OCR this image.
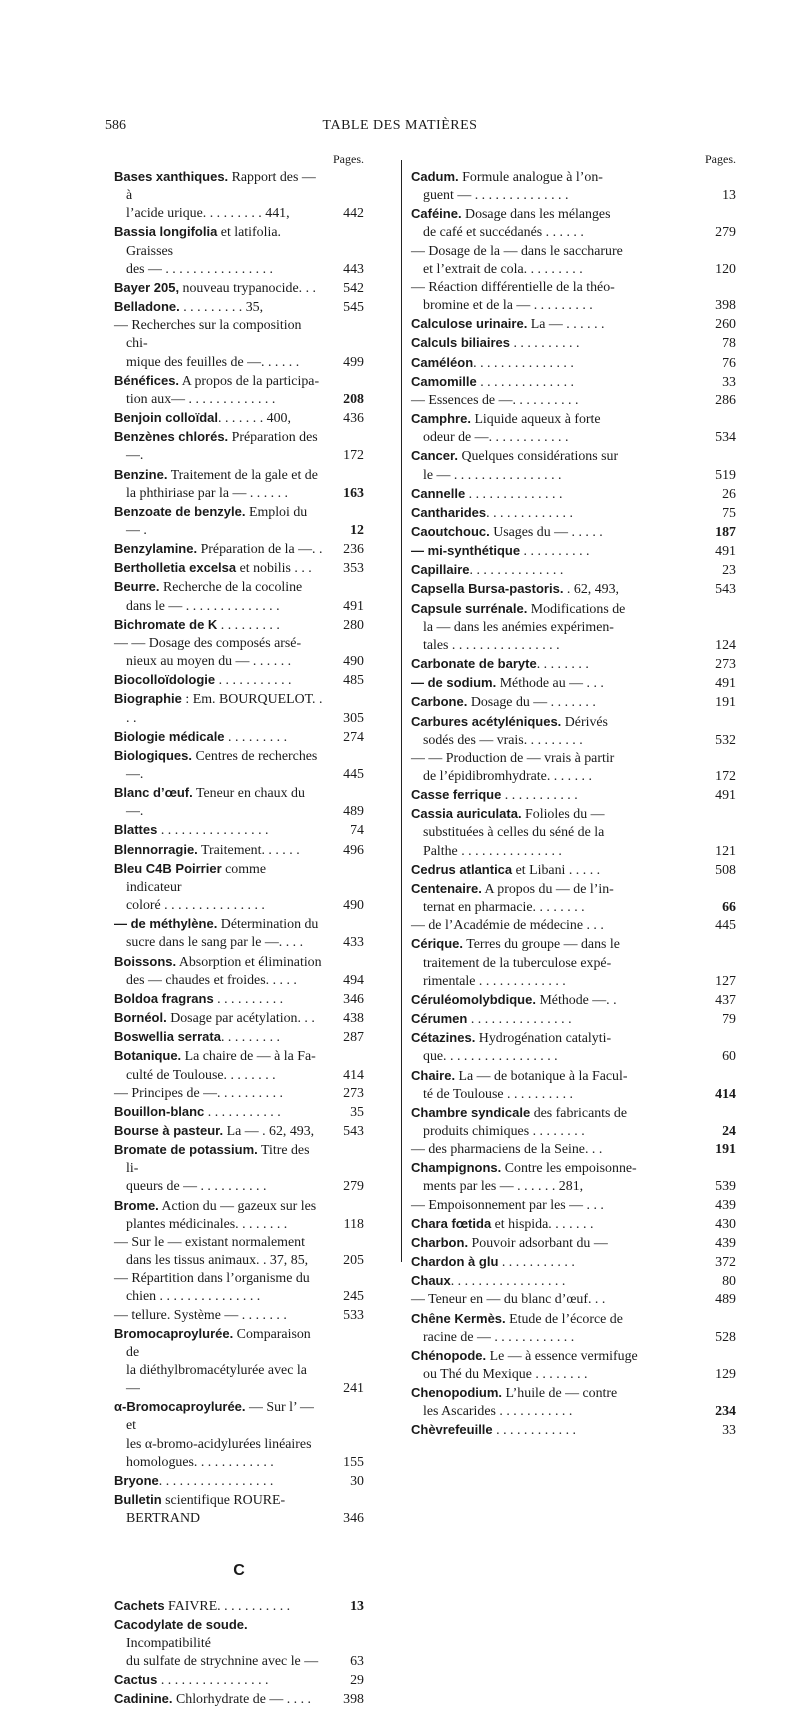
586	TABLE DES MATIÈRES
Pages.
Bases xanthiques. Rapport des — à
l’acide urique. . . . . . . . . 441,	442
Bassia longifolia et latifolia. Graisses
des — . . . . . . . . . . . . . . . .	443
Bayer 205, nouveau trypanocide. . .	542
Belladone. . . . . . . . . . 35,	545
— Recherches sur la composition chi-
mique des feuilles de —. . . . . .	499
Bénéfices. A propos de la participa-
tion aux— . . . . . . . . . . . . .	208
Benjoin colloïdal. . . . . . . 400,	436
Benzènes chlorés. Préparation des—.	172
Benzine. Traitement de la gale et de
la phthiriase par la — . . . . . .	163
Benzoate de benzyle. Emploi du — .	12
Benzylamine. Préparation de la —. .	236
Bertholletia excelsa et nobilis . . .	353
Beurre. Recherche de la cocoline
dans le — . . . . . . . . . . . . . .	491
Bichromate de K . . . . . . . . .	280
— — Dosage des composés arsé-
nieux au moyen du — . . . . . .	490
Biocolloïdologie . . . . . . . . . . .	485
Biographie : Em. BOURQUELOT. . . .	305
Biologie médicale . . . . . . . . .	274
Biologiques. Centres de recherches—.	445
Blanc d’œuf. Teneur en chaux du —.	489
Blattes . . . . . . . . . . . . . . . .	74
Blennorragie. Traitement. . . . . .	496
Bleu C4B Poirrier comme indicateur
coloré . . . . . . . . . . . . . . .	490
— de méthylène. Détermination du
sucre dans le sang par le —. . . .	433
Boissons. Absorption et élimination
des — chaudes et froides. . . . .	494
Boldoa fragrans . . . . . . . . . .	346
Bornéol. Dosage par acétylation. . .	438
Boswellia serrata. . . . . . . . .	287
Botanique. La chaire de — à la Fa-
culté de Toulouse. . . . . . . .	414
— Principes de —. . . . . . . . . .	273
Bouillon-blanc . . . . . . . . . . .	35
Bourse à pasteur. La — . 62, 493,	543
Bromate de potassium. Titre des li-
queurs de — . . . . . . . . . .	279
Brome. Action du — gazeux sur les
plantes médicinales. . . . . . . .	118
— Sur le — existant normalement
dans les tissus animaux. . 37, 85,	205
— Répartition dans l’organisme du
chien . . . . . . . . . . . . . . .	245
— tellure. Système — . . . . . . .	533
Bromocaproylurée. Comparaison de
la diéthylbromacétylurée avec la —	241
α-Bromocaproylurée. — Sur l’ — et
les α-bromo-acidylurées linéaires
homologues. . . . . . . . . . . .	155
Bryone. . . . . . . . . . . . . . . . .	30
Bulletin scientifique ROURE-BERTRAND	346
C
Cachets FAIVRE. . . . . . . . . . .	13
Cacodylate de soude. Incompatibilité
du sulfate de strychnine avec le —	63
Cactus . . . . . . . . . . . . . . . .	29
Cadinine. Chlorhydrate de — . . . .	398
Pages.
Cadum. Formule analogue à l’on-
guent — . . . . . . . . . . . . . .	13
Caféine. Dosage dans les mélanges
de café et succédanés . . . . . .	279
— Dosage de la — dans le saccharure
et l’extrait de cola. . . . . . . . .	120
— Réaction différentielle de la théo-
bromine et de la — . . . . . . . . .	398
Calculose urinaire. La — . . . . . .	260
Calculs biliaires . . . . . . . . . .	78
Caméléon. . . . . . . . . . . . . . .	76
Camomille . . . . . . . . . . . . . .	33
— Essences de —. . . . . . . . . .	286
Camphre. Liquide aqueux à forte
odeur de —. . . . . . . . . . . .	534
Cancer. Quelques considérations sur
le — . . . . . . . . . . . . . . . .	519
Cannelle . . . . . . . . . . . . . .	26
Cantharides. . . . . . . . . . . . .	75
Caoutchouc. Usages du — . . . . .	187
— mi-synthétique . . . . . . . . . .	491
Capillaire. . . . . . . . . . . . . .	23
Capsella Bursa-pastoris. . 62, 493,	543
Capsule surrénale. Modifications de
la — dans les anémies expérimen-
tales . . . . . . . . . . . . . . . .	124
Carbonate de baryte. . . . . . . .	273
— de sodium. Méthode au — . . .	491
Carbone. Dosage du — . . . . . . .	191
Carbures acétyléniques. Dérivés
sodés des — vrais. . . . . . . . .	532
— — Production de — vrais à partir
de l’épidibromhydrate. . . . . . .	172
Casse ferrique . . . . . . . . . . .	491
Cassia auriculata. Folioles du —
substituées à celles du séné de la
Palthe . . . . . . . . . . . . . . .	121
Cedrus atlantica et Libani . . . . .	508
Centenaire. A propos du — de l’in-
ternat en pharmacie. . . . . . . .	66
— de l’Académie de médecine . . .	445
Cérique. Terres du groupe — dans le
traitement de la tuberculose expé-
rimentale . . . . . . . . . . . . .	127
Céruléomolybdique. Méthode —. .	437
Cérumen . . . . . . . . . . . . . . .	79
Cétazines. Hydrogénation catalyti-
que. . . . . . . . . . . . . . . . .	60
Chaire. La — de botanique à la Facul-
té de Toulouse . . . . . . . . . .	414
Chambre syndicale des fabricants de
produits chimiques . . . . . . . .	24
— des pharmaciens de la Seine. . .	191
Champignons. Contre les empoisonne-
ments par les — . . . . . . 281,	539
— Empoisonnement par les — . . .	439
Chara fœtida et hispida. . . . . . .	430
Charbon. Pouvoir adsorbant du —	439
Chardon à glu . . . . . . . . . . .	372
Chaux. . . . . . . . . . . . . . . . .	80
— Teneur en — du blanc d’œuf. . .	489
Chêne Kermès. Etude de l’écorce de
racine de — . . . . . . . . . . . .	528
Chénopode. Le — à essence vermifuge
ou Thé du Mexique . . . . . . . .	129
Chenopodium. L’huile de — contre
les Ascarides . . . . . . . . . . .	234
Chèvrefeuille . . . . . . . . . . . .	33
